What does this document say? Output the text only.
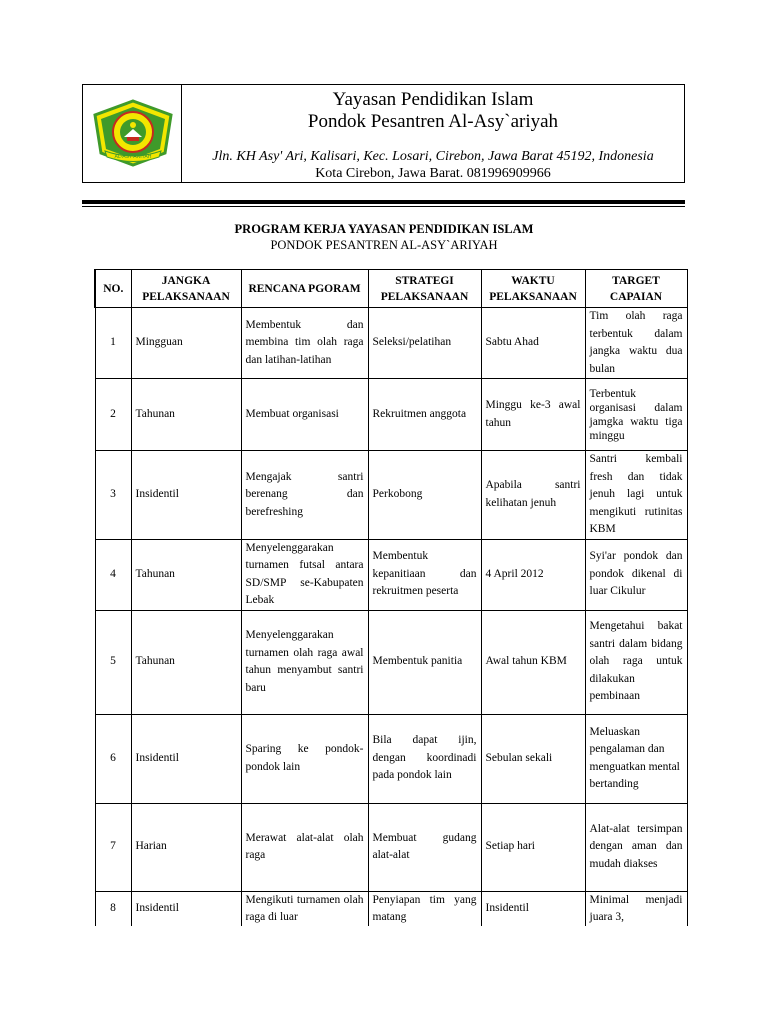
AL-ASY'ARIYAH
Yayasan Pendidikan Islam
Pondok Pesantren Al-Asy`ariyah
Jln. KH Asy' Ari, Kalisari, Kec. Losari, Cirebon, Jawa Barat 45192, Indonesia
Kota Cirebon, Jawa Barat. 081996909966
PROGRAM KERJA YAYASAN PENDIDIKAN ISLAM
PONDOK PESANTREN AL-ASY`ARIYAH
NO.	JANGKA PELAKSANAAN	RENCANA PGORAM	STRATEGI PELAKSANAAN	WAKTU PELAKSANAAN	TARGET CAPAIAN
1	Mingguan	Membentuk dan membina tim olah raga dan latihan-latihan	Seleksi/pelatihan	Sabtu Ahad	Tim olah raga terbentuk dalam jangka waktu dua bulan
2	Tahunan	Membuat organisasi	Rekruitmen anggota	Minggu ke-3 awal tahun	Terbentuk organisasi dalam jamgka waktu tiga minggu
3	Insidentil	Mengajak santri berenang dan berefreshing	Perkobong	Apabila santri kelihatan jenuh	Santri kembali fresh dan tidak jenuh lagi untuk mengikuti rutinitas KBM
4	Tahunan	Menyelenggarakan turnamen futsal antara SD/SMP se-Kabupaten Lebak	Membentuk kepanitiaan dan rekruitmen peserta	4 April 2012	Syi'ar pondok dan pondok dikenal di luar Cikulur
5	Tahunan	Menyelenggarakan turnamen olah raga awal tahun menyambut santri baru	Membentuk panitia	Awal tahun KBM	Mengetahui bakat santri dalam bidang olah raga untuk dilakukan pembinaan
6	Insidentil	Sparing ke pondok-pondok lain	Bila dapat ijin, dengan koordinadi pada pondok lain	Sebulan sekali	Meluaskan pengalaman dan menguatkan mental bertanding
7	Harian	Merawat alat-alat olah raga	Membuat gudang alat-alat	Setiap hari	Alat-alat tersimpan dengan aman dan mudah diakses
8	Insidentil	Mengikuti turnamen olah raga di luar	Penyiapan tim yang matang	Insidentil	Minimal menjadi juara 3,
